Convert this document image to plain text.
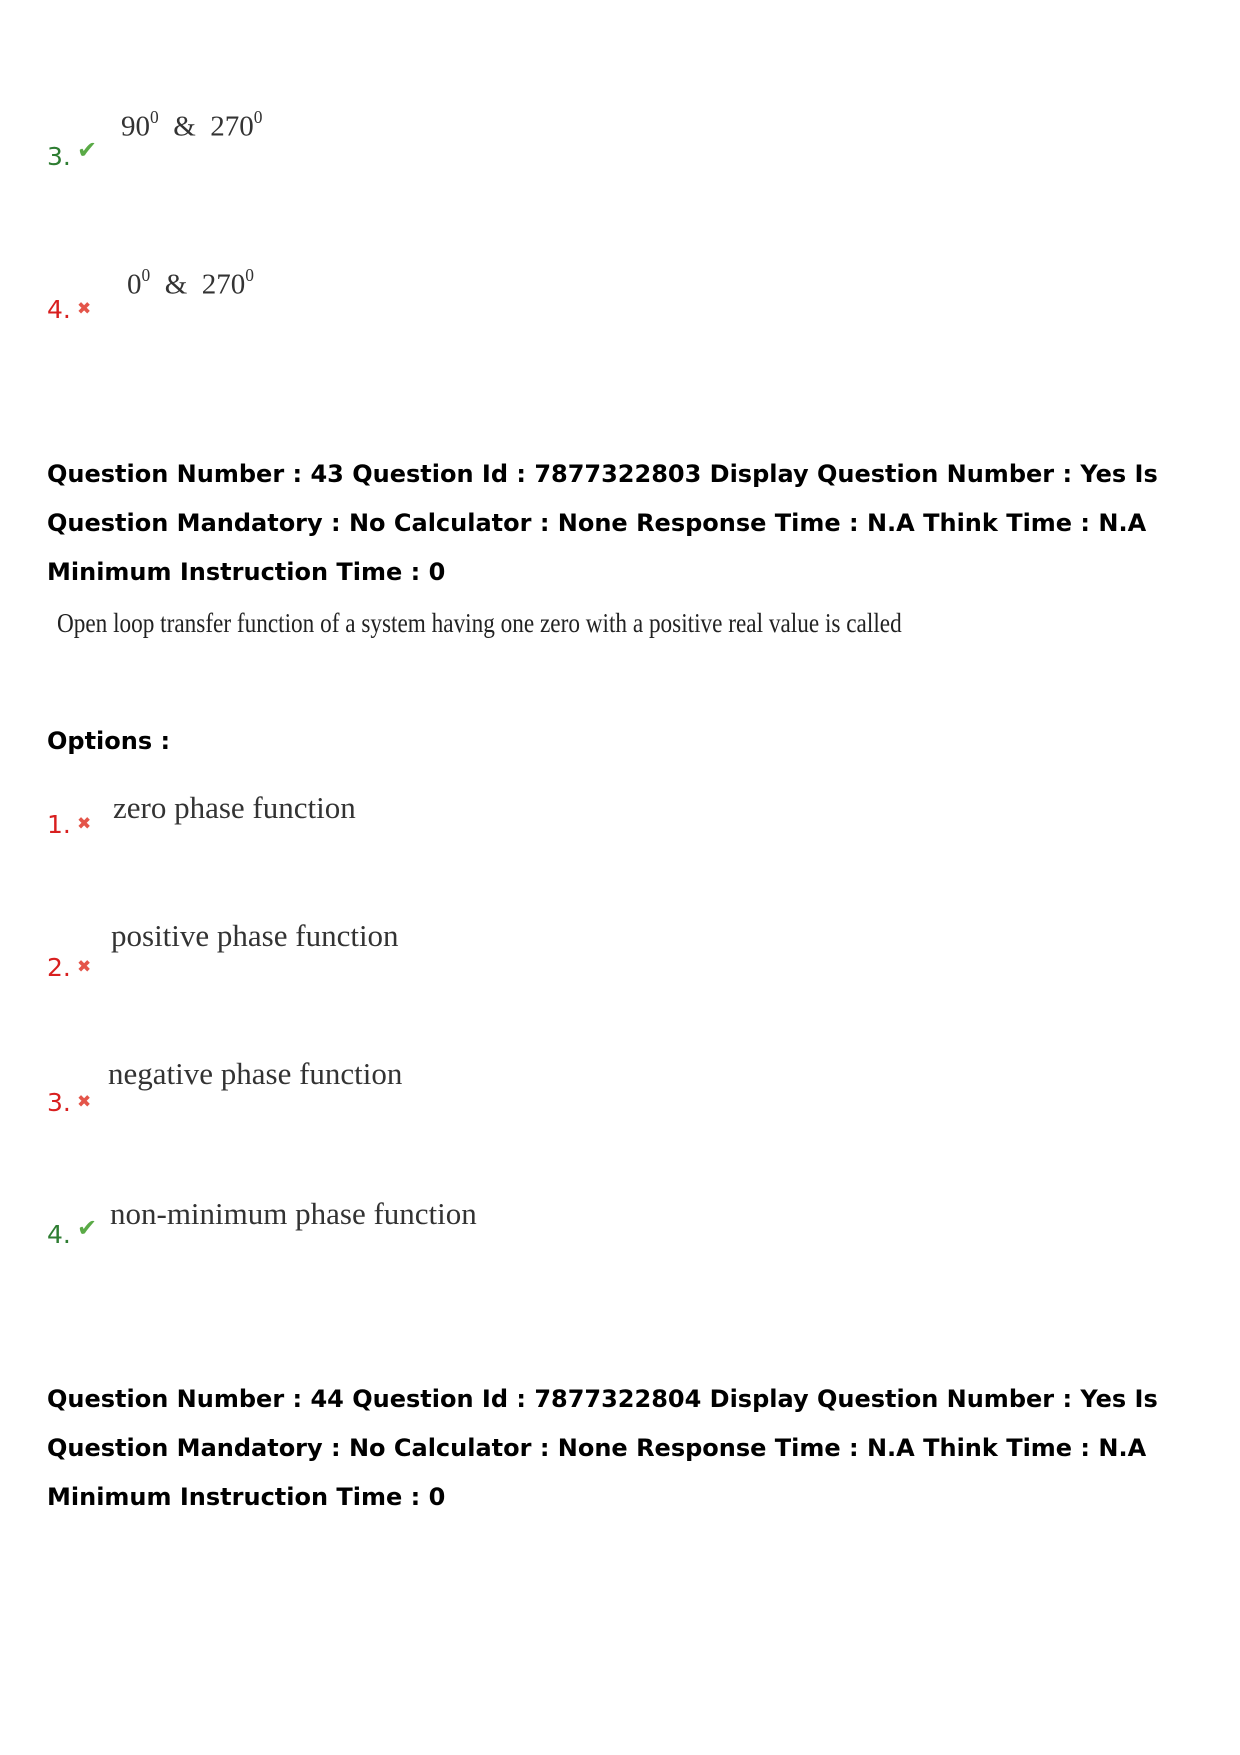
3. ✔
$90^0$ & $270^0$
4. ✖
$0^0$ & $270^0$
Question Number : 43 Question Id : 7877322803 Display Question Number : Yes Is Question Mandatory : No Calculator : None Response Time : N.A Think Time : N.A Minimum Instruction Time : 0
Open loop transfer function of a system having one zero with a positive real value is called
Options :
1. ✖ zero phase function
2. ✖
positive phase function
3. ✖
negative phase function
4. ✔ non-minimum phase function
Question Number : 44 Question Id : 7877322804 Display Question Number : Yes Is Question Mandatory : No Calculator : None Response Time : N.A Think Time : N.A Minimum Instruction Time : 0
